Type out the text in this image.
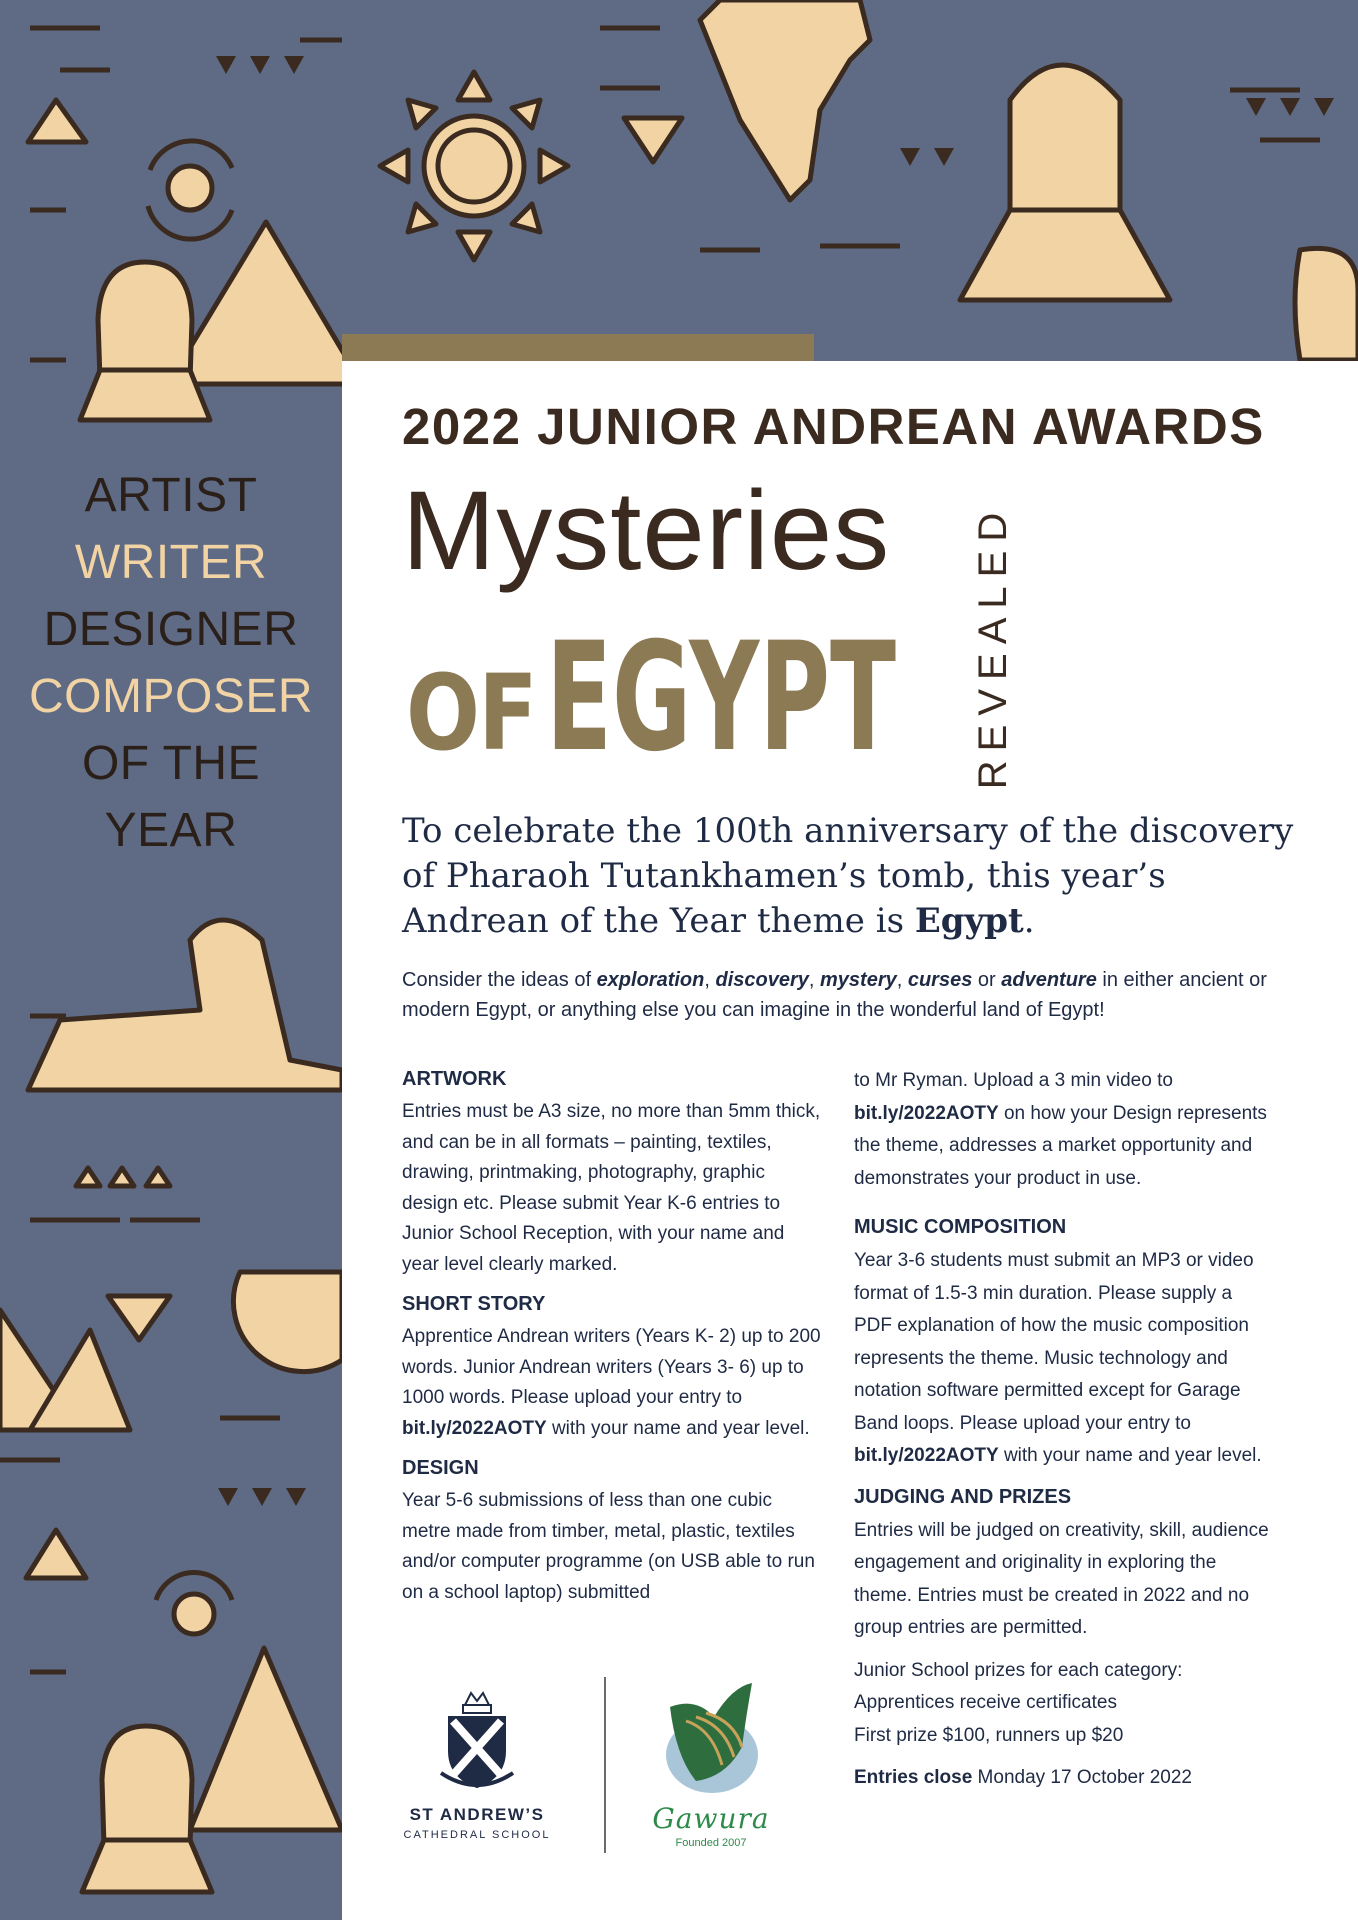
ARTIST
WRITER
DESIGNER
COMPOSER
OF THE
YEAR
2022 JUNIOR ANDREAN AWARDS
Mysteries
OF EGYPT REVEALED

To celebrate the 100th anniversary of the discovery of Pharaoh Tutankhamen’s tomb, this year’s Andrean of the Year theme is Egypt.

Consider the ideas of exploration, discovery, mystery, curses or adventure in either ancient or modern Egypt, or anything else you can imagine in the wonderful land of Egypt!

ARTWORK

Entries must be A3 size, no more than 5mm thick, and can be in all formats – painting, textiles, drawing, printmaking, photography, graphic design etc. Please submit Year K-6 entries to Junior School Reception, with your name and year level clearly marked.

SHORT STORY

Apprentice Andrean writers (Years K- 2) up to 200 words. Junior Andrean writers (Years 3- 6) up to 1000 words. Please upload your entry to bit.ly/2022AOTY with your name and year level.

DESIGN

Year 5-6 submissions of less than one cubic metre made from timber, metal, plastic, textiles and/or computer programme (on USB able to run on a school laptop) submitted

to Mr Ryman. Upload a 3 min video to bit.ly/2022AOTY on how your Design represents the theme, addresses a market opportunity and demonstrates your product in use.

MUSIC COMPOSITION

Year 3-6 students must submit an MP3 or video format of 1.5-3 min duration. Please supply a PDF explanation of how the music composition represents the theme. Music technology and notation software permitted except for Garage Band loops. Please upload your entry to bit.ly/2022AOTY with your name and year level.

JUDGING AND PRIZES

Entries will be judged on creativity, skill, audience engagement and originality in exploring the theme. Entries must be created in 2022 and no group entries are permitted.

Junior School prizes for each category:
Apprentices receive certificates
First prize $100, runners up $20

Entries close Monday 17 October 2022

ST ANDREW’S
CATHEDRAL SCHOOL	Gawura
Founded 2007
